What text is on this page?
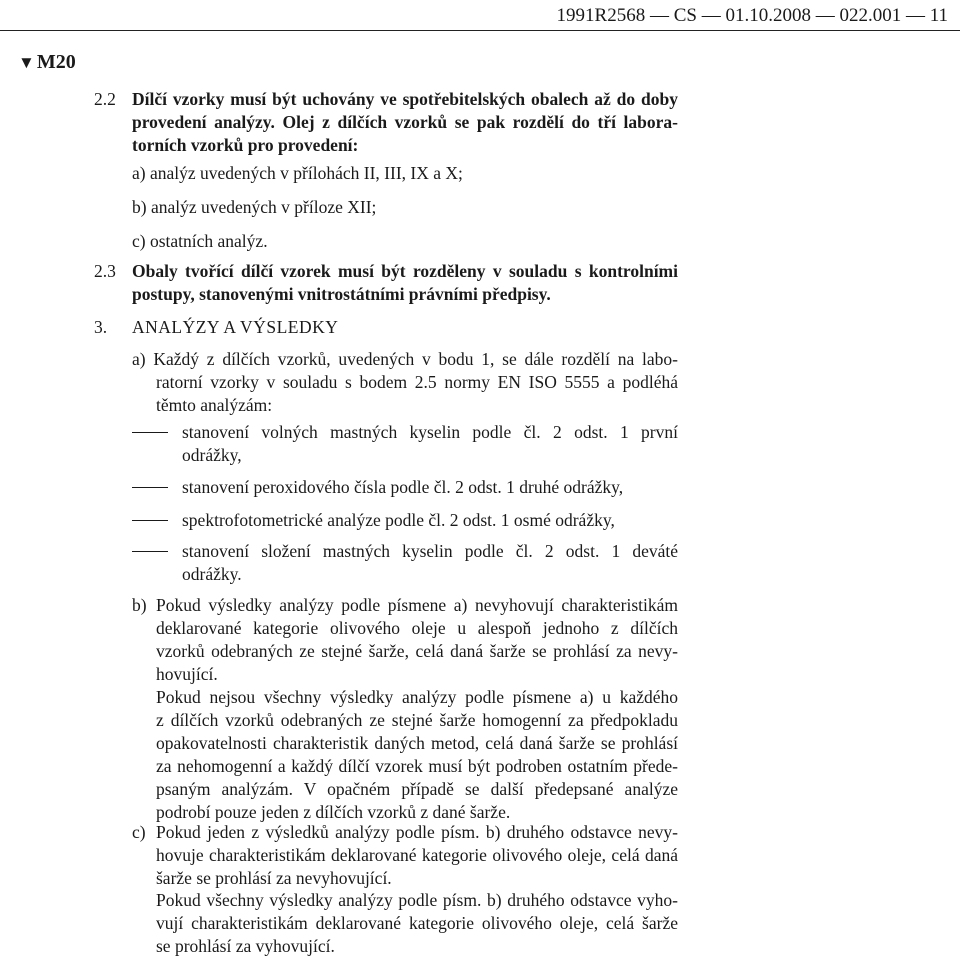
1991R2568 — CS — 01.10.2008 — 022.001 — 11
▼ M20
2.2 Dílčí vzorky musí být uchovány ve spotřebitelských obalech až do doby
provedení analýzy. Olej z dílčích vzorků se pak rozdělí do tří labora-
torních vzorků pro provedení:
a) analýz uvedených v přílohách II, III, IX a X;
b) analýz uvedených v příloze XII;
c) ostatních analýz.
2.3 Obaly tvořící dílčí vzorek musí být rozděleny v souladu s kontrolními
postupy, stanovenými vnitrostátními právními předpisy.
3. ANALÝZY A VÝSLEDKY
a) Každý z dílčích vzorků, uvedených v bodu 1, se dále rozdělí na labo-
ratorní vzorky v souladu s bodem 2.5 normy EN ISO 5555 a podléhá
těmto analýzám:
stanovení volných mastných kyselin podle čl. 2 odst. 1 první
odrážky,
stanovení peroxidového čísla podle čl. 2 odst. 1 druhé odrážky,
spektrofotometrické analýze podle čl. 2 odst. 1 osmé odrážky,
stanovení složení mastných kyselin podle čl. 2 odst. 1 deváté
odrážky.
b) Pokud výsledky analýzy podle písmene a) nevyhovují charakteristikám
deklarované kategorie olivového oleje u alespoň jednoho z dílčích
vzorků odebraných ze stejné šarže, celá daná šarže se prohlásí za nevy-
hovující.
Pokud nejsou všechny výsledky analýzy podle písmene a) u každého
z dílčích vzorků odebraných ze stejné šarže homogenní za předpokladu
opakovatelnosti charakteristik daných metod, celá daná šarže se prohlásí
za nehomogenní a každý dílčí vzorek musí být podroben ostatním přede-
psaným analýzám. V opačném případě se další předepsané analýze
podrobí pouze jeden z dílčích vzorků z dané šarže.
c) Pokud jeden z výsledků analýzy podle písm. b) druhého odstavce nevy-
hovuje charakteristikám deklarované kategorie olivového oleje, celá daná
šarže se prohlásí za nevyhovující.
Pokud všechny výsledky analýzy podle písm. b) druhého odstavce vyho-
vují charakteristikám deklarované kategorie olivového oleje, celá šarže
se prohlásí za vyhovující.
